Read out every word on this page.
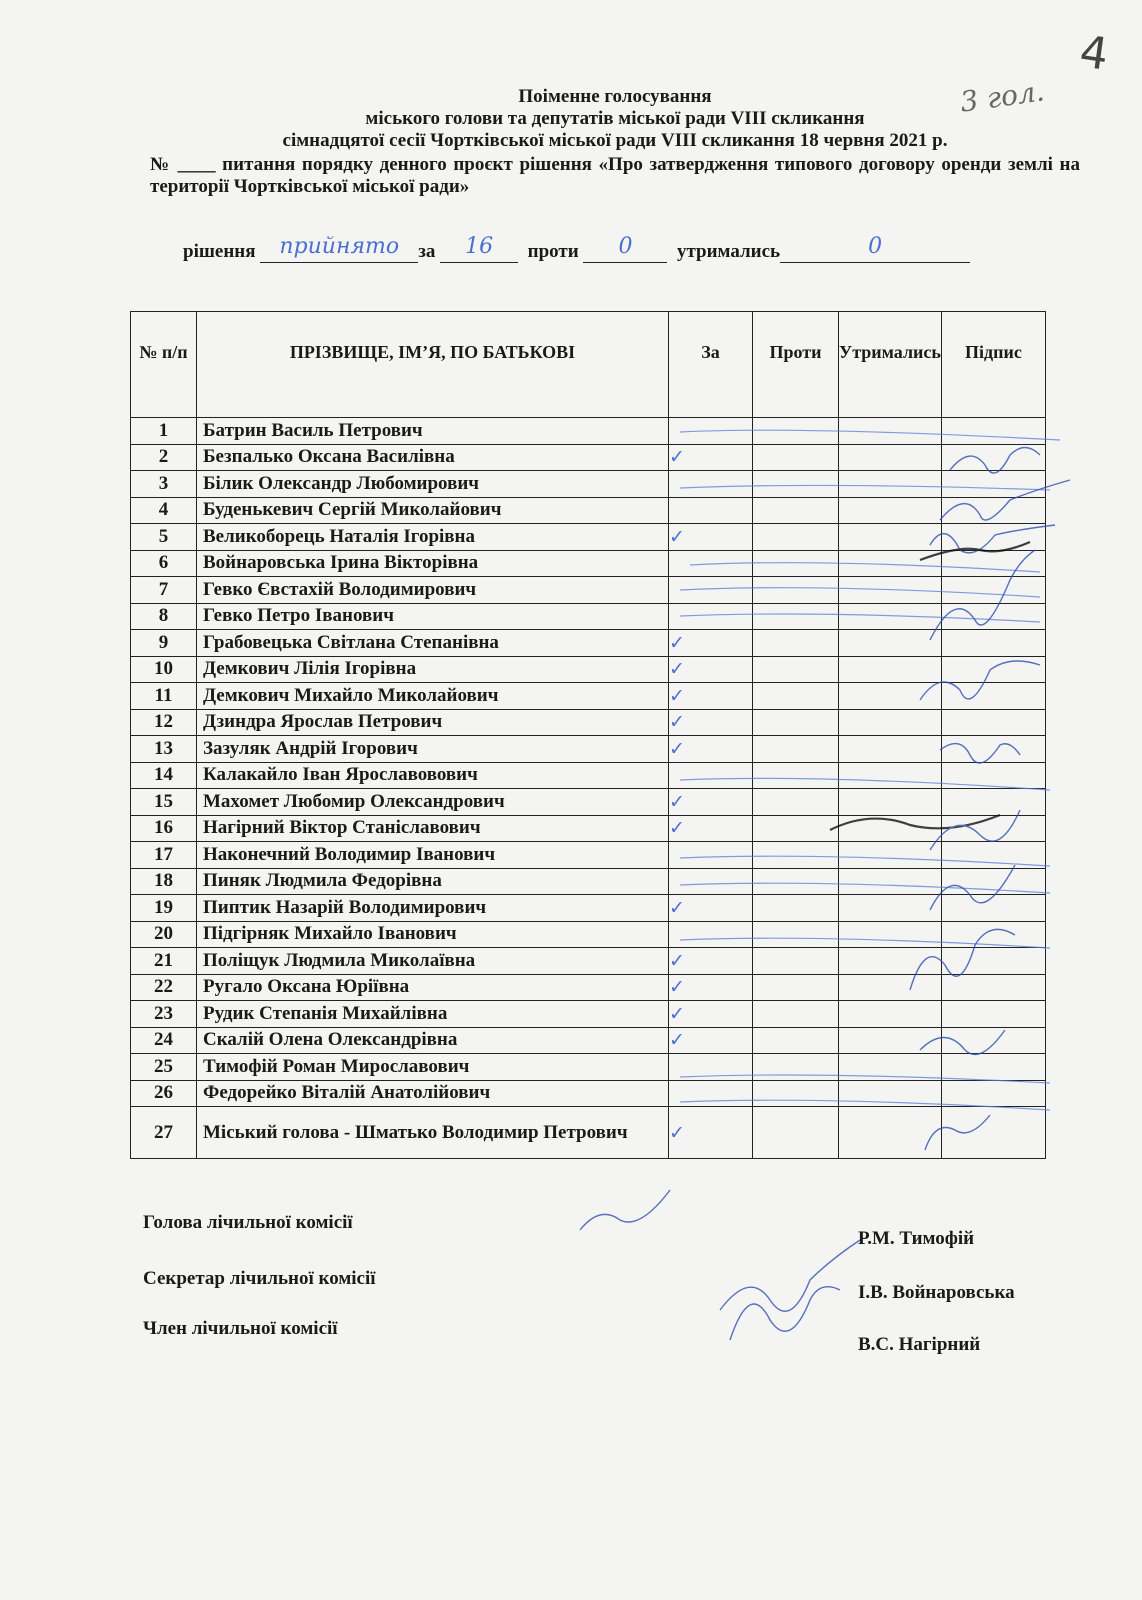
4
3 гол.
Поіменне голосування
міського голови та депутатів міської ради VIII скликання
сімнадцятої сесії Чортківської міської ради VIII скликання 18 червня 2021 р.
№ ____ питання порядку денного проєкт рішення «Про затвердження типового договору оренди землі на території Чортківської міської ради»
рішення прийнято за 16 проти 0 утримались	0
№ п/п	ПРІЗВИЩЕ, ІМ’Я, ПО БАТЬКОВІ	За	Проти	Утримались	Підпис
1	Батрин Василь Петрович				
2	Безпалько Оксана Василівна	✓			
3	Білик Олександр Любомирович				
4	Буденькевич Сергій Миколайович				
5	Великоборець Наталія Ігорівна	✓			
6	Войнаровська Ірина Вікторівна				
7	Гевко Євстахій Володимирович				
8	Гевко Петро Іванович				
9	Грабовецька Світлана Степанівна	✓			
10	Демкович Лілія Ігорівна	✓			
11	Демкович Михайло Миколайович	✓			
12	Дзиндра Ярослав Петрович	✓			
13	Зазуляк Андрій Ігорович	✓			
14	Калакайло Іван Ярославовович				
15	Махомет Любомир Олександрович	✓			
16	Нагірний Віктор Станіславович	✓			
17	Наконечний Володимир Іванович				
18	Пиняк Людмила Федорівна				
19	Пиптик Назарій Володимирович	✓			
20	Підгірняк Михайло Іванович				
21	Поліщук Людмила Миколаївна	✓			
22	Ругало Оксана Юріївна	✓			
23	Рудик Степанія Михайлівна	✓			
24	Скалій Олена Олександрівна	✓			
25	Тимофій Роман Мирославович				
26	Федорейко Віталій Анатолійович				
27	Міський голова - Шматько Володимир Петрович	✓			
Голова лічильної комісії
Р.М. Тимофій
Секретар лічильної комісії
І.В. Войнаровська
Член лічильної комісії
В.С. Нагірний
